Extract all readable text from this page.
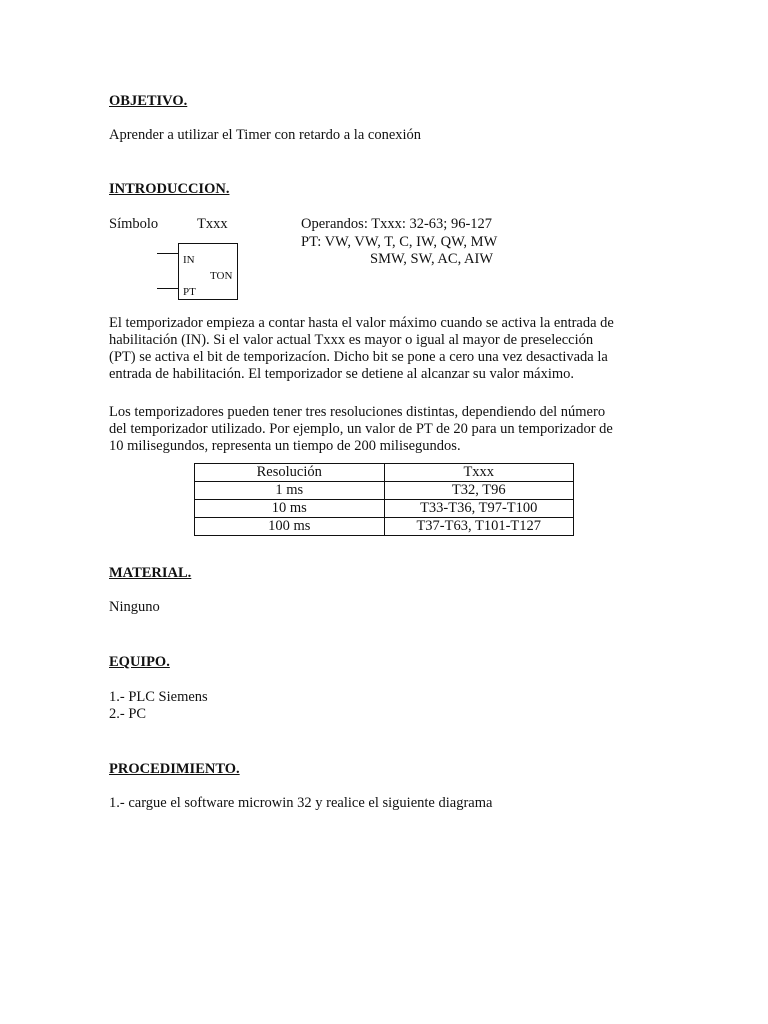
OBJETIVO.
Aprender a utilizar el Timer con retardo a la conexión
INTRODUCCION.
Símbolo	Txxx	Operandos: Txxx: 32-63; 96-127
PT: VW, VW, T, C, IW, QW, MW
SMW, SW, AC, AIW
IN
TON
PT
El temporizador empieza a contar hasta el valor máximo cuando se activa la entrada de
habilitación (IN). Si el valor actual Txxx es mayor o igual al mayor de preselección
(PT) se activa el bit de temporizacíon. Dicho bit se pone a cero una vez desactivada la
entrada de habilitación. El temporizador se detiene al alcanzar su valor máximo.
Los temporizadores pueden tener tres resoluciones distintas, dependiendo del número
del temporizador utilizado. Por ejemplo, un valor de PT de 20 para un temporizador de
10 milisegundos, representa un tiempo de 200 milisegundos.
Resolución	Txxx
1 ms	T32, T96
10 ms	T33-T36, T97-T100
100 ms	T37-T63, T101-T127
MATERIAL.
Ninguno
EQUIPO.
1.- PLC Siemens
2.- PC
PROCEDIMIENTO.
1.- cargue el software microwin 32 y realice el siguiente diagrama
